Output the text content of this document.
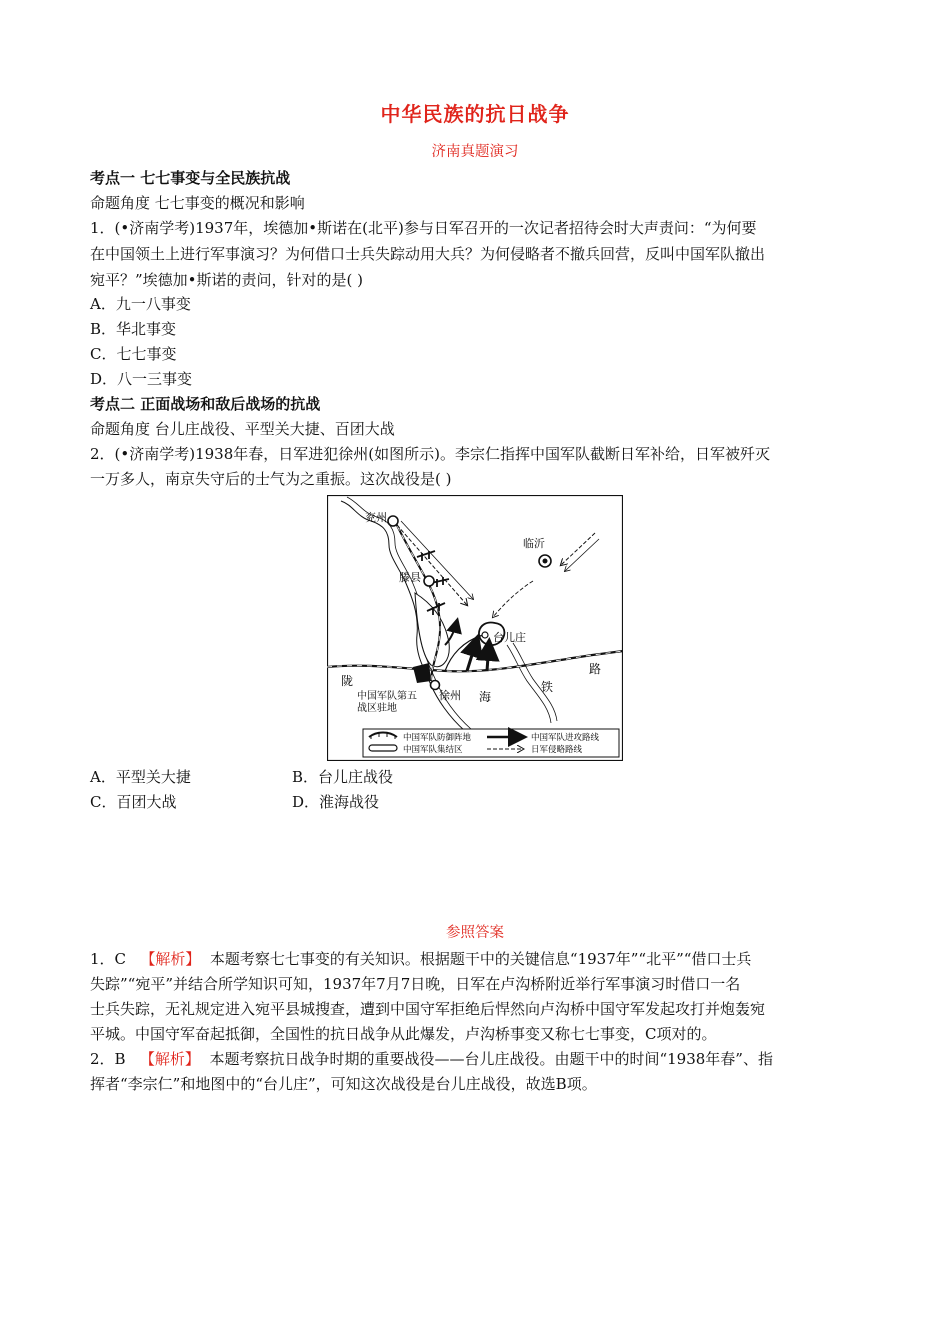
中华民族的抗日战争
济南真题演习
考点一 七七事变与全民族抗战
命题角度 七七事变的概况和影响
1．(•济南学考)1937年，埃德加•斯诺在(北平)参与日军召开的一次记者招待会时大声责问：“为何要
在中国领土上进行军事演习？为何借口士兵失踪动用大兵？为何侵略者不撤兵回营，反叫中国军队撤出
宛平？”埃德加•斯诺的责问，针对的是( )
A．九一八事变
B．华北事变
C．七七事变
D．八一三事变
考点二 正面战场和敌后战场的抗战
命题角度 台儿庄战役、平型关大捷、百团大战
2．(•济南学考)1938年春，日军进犯徐州(如图所示)。李宗仁指挥中国军队截断日军补给，日军被歼灭
一万多人，南京失守后的士气为之重振。这次战役是( )
兖州
滕县
临沂
台儿庄
徐州
中国军队第五
战区驻地
陇
海
铁
路
中国军队防御阵地
中国军队集结区
中国军队进攻路线
日军侵略路线
A．平型关大捷	B．台儿庄战役
C．百团大战	D．淮海战役
参照答案
1．C 【解析】 本题考察七七事变的有关知识。根据题干中的关键信息“1937年”“北平”“借口士兵
失踪”“宛平”并结合所学知识可知，1937年7月7日晚，日军在卢沟桥附近举行军事演习时借口一名
士兵失踪，无礼规定进入宛平县城搜查，遭到中国守军拒绝后悍然向卢沟桥中国守军发起攻打并炮轰宛
平城。中国守军奋起抵御，全国性的抗日战争从此爆发，卢沟桥事变又称七七事变，C项对的。
2．B 【解析】 本题考察抗日战争时期的重要战役——台儿庄战役。由题干中的时间“1938年春”、指
挥者“李宗仁”和地图中的“台儿庄”，可知这次战役是台儿庄战役，故选B项。
